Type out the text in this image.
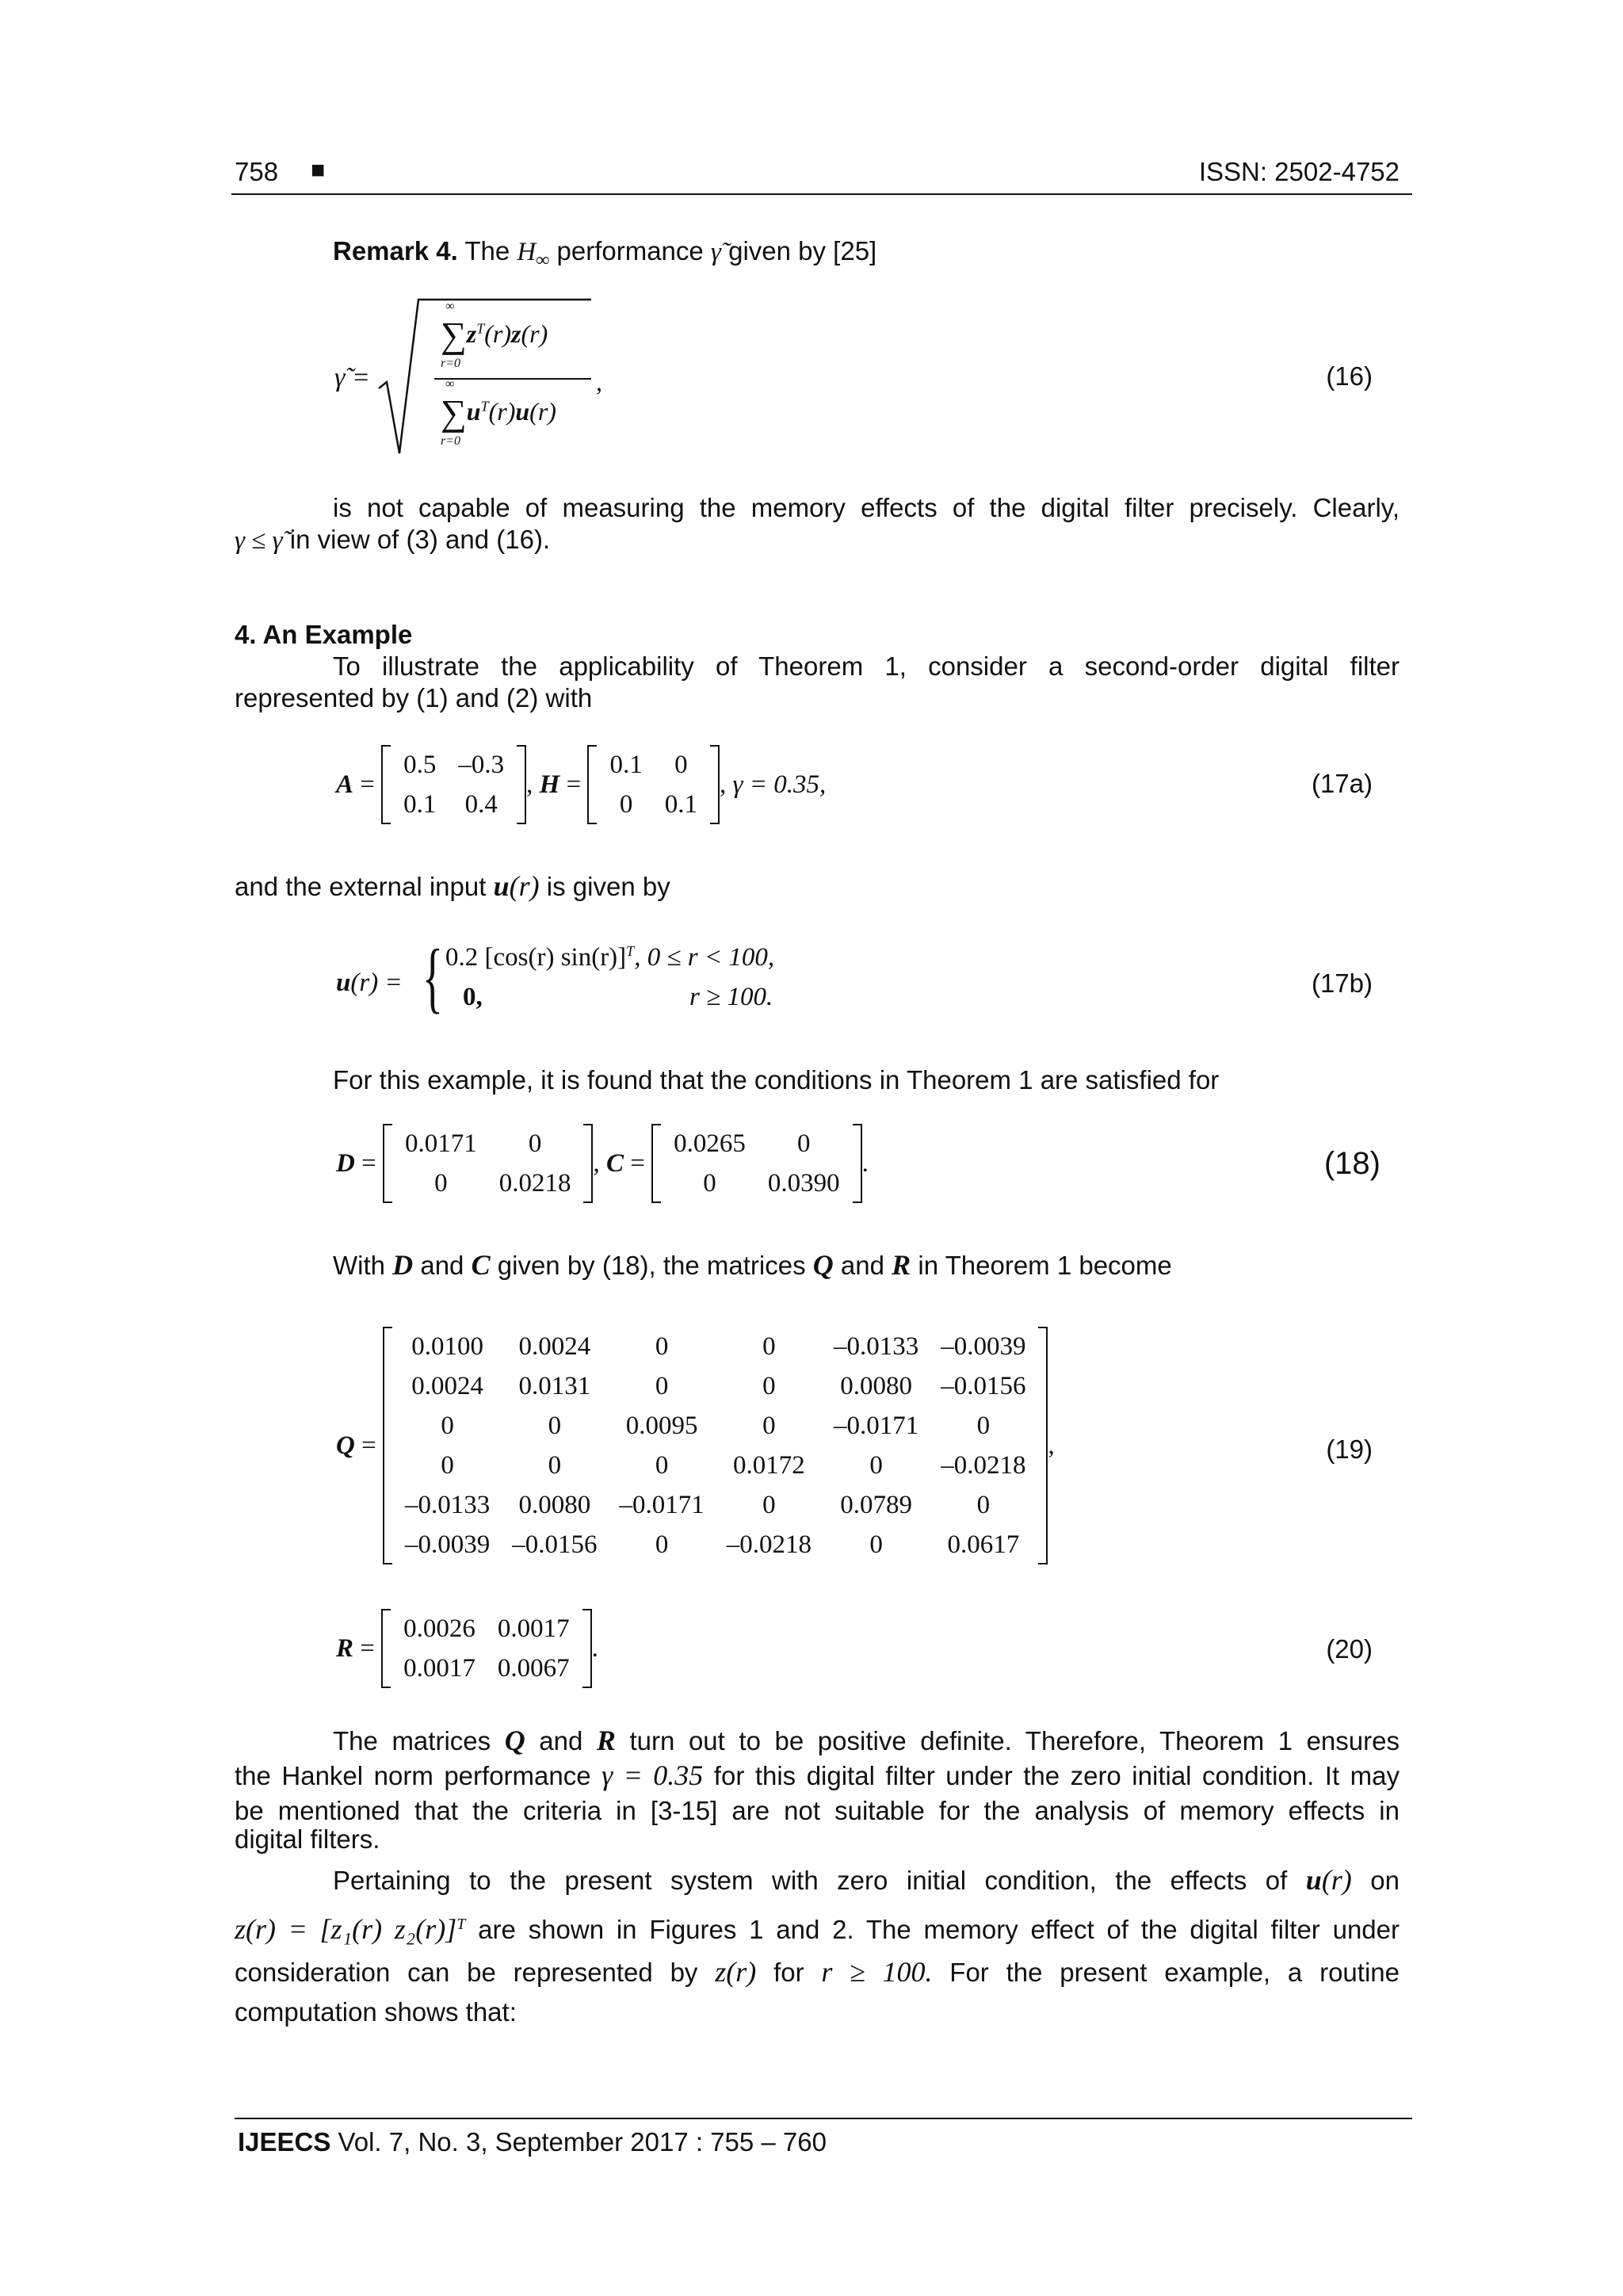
758 ■	ISSN: 2502-4752
Remark 4. The $H_\infty$ performance γ̃ given by [25]
γ̃ =
∞
$\sum z^T(r)z(r)$
r=0
∞
$\sum u^T(r)u(r)$
r=0
,	(16)
is not capable of measuring the memory effects of the digital filter precisely. Clearly,
γ ≤ γ̃ in view of (3) and (16).
4. An Example
To illustrate the applicability of Theorem 1, consider a second-order digital filter
represented by (1) and (2) with
A =
0.5	–0.3
0.1	0.4
, H =
0.1	0
0	0.1
, γ = 0.35,	(17a)
and the external input u(r) is given by
u(r) = { 0.2 [cos(r) sin(r)]$^T$, 0 ≤ r < 100,
0,	r ≥ 100.	(17b)
For this example, it is found that the conditions in Theorem 1 are satisfied for
D =
0.0171	0
0	0.0218
, C =
0.0265	0
0	0.0390
.	(18)
With D and C given by (18), the matrices Q and R in Theorem 1 become
Q =
0.0100	0.0024	0	0	–0.0133	–0.0039
0.0024	0.0131	0	0	0.0080	–0.0156
0	0	0.0095	0	–0.0171	0
0	0	0	0.0172	0	–0.0218
–0.0133	0.0080	–0.0171	0	0.0789	0
–0.0039	–0.0156	0	–0.0218	0	0.0617
,	(19)
R =
0.0026	0.0017
0.0017	0.0067
.	(20)
The matrices Q and R turn out to be positive definite. Therefore, Theorem 1 ensures
the Hankel norm performance γ = 0.35 for this digital filter under the zero initial condition. It may
be mentioned that the criteria in [3-15] are not suitable for the analysis of memory effects in
digital filters.
Pertaining to the present system with zero initial condition, the effects of u(r) on
z(r) = [z₁(r) z₂(r)]$^T$ are shown in Figures 1 and 2. The memory effect of the digital filter under
consideration can be represented by z(r) for r ≥ 100. For the present example, a routine
computation shows that:
IJEECS Vol. 7, No. 3, September 2017 : 755 – 760
